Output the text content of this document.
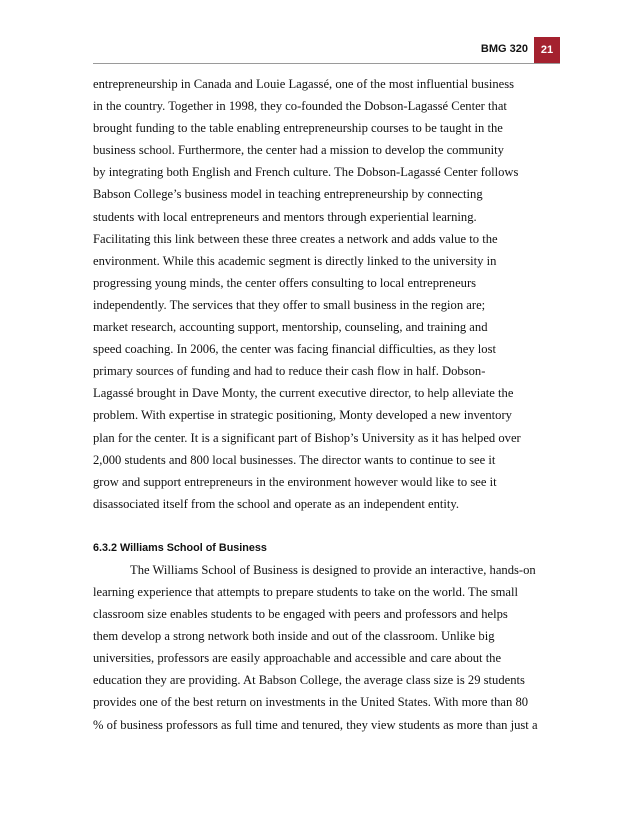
BMG 320	21
entrepreneurship in Canada and Louie Lagassé, one of the most influential business
in the country. Together in 1998, they co-founded the Dobson-Lagassé Center that
brought funding to the table enabling entrepreneurship courses to be taught in the
business school. Furthermore, the center had a mission to develop the community
by integrating both English and French culture. The Dobson-Lagassé Center follows
Babson College’s business model in teaching entrepreneurship by connecting
students with local entrepreneurs and mentors through experiential learning.
Facilitating this link between these three creates a network and adds value to the
environment. While this academic segment is directly linked to the university in
progressing young minds, the center offers consulting to local entrepreneurs
independently. The services that they offer to small business in the region are;
market research, accounting support, mentorship, counseling, and training and
speed coaching. In 2006, the center was facing financial difficulties, as they lost
primary sources of funding and had to reduce their cash flow in half. Dobson-
Lagassé brought in Dave Monty, the current executive director, to help alleviate the
problem. With expertise in strategic positioning, Monty developed a new inventory
plan for the center. It is a significant part of Bishop’s University as it has helped over
2,000 students and 800 local businesses. The director wants to continue to see it
grow and support entrepreneurs in the environment however would like to see it
disassociated itself from the school and operate as an independent entity.
6.3.2 Williams School of Business
The Williams School of Business is designed to provide an interactive, hands-on
learning experience that attempts to prepare students to take on the world. The small
classroom size enables students to be engaged with peers and professors and helps
them develop a strong network both inside and out of the classroom. Unlike big
universities, professors are easily approachable and accessible and care about the
education they are providing. At Babson College, the average class size is 29 students
provides one of the best return on investments in the United States. With more than 80
% of business professors as full time and tenured, they view students as more than just a
